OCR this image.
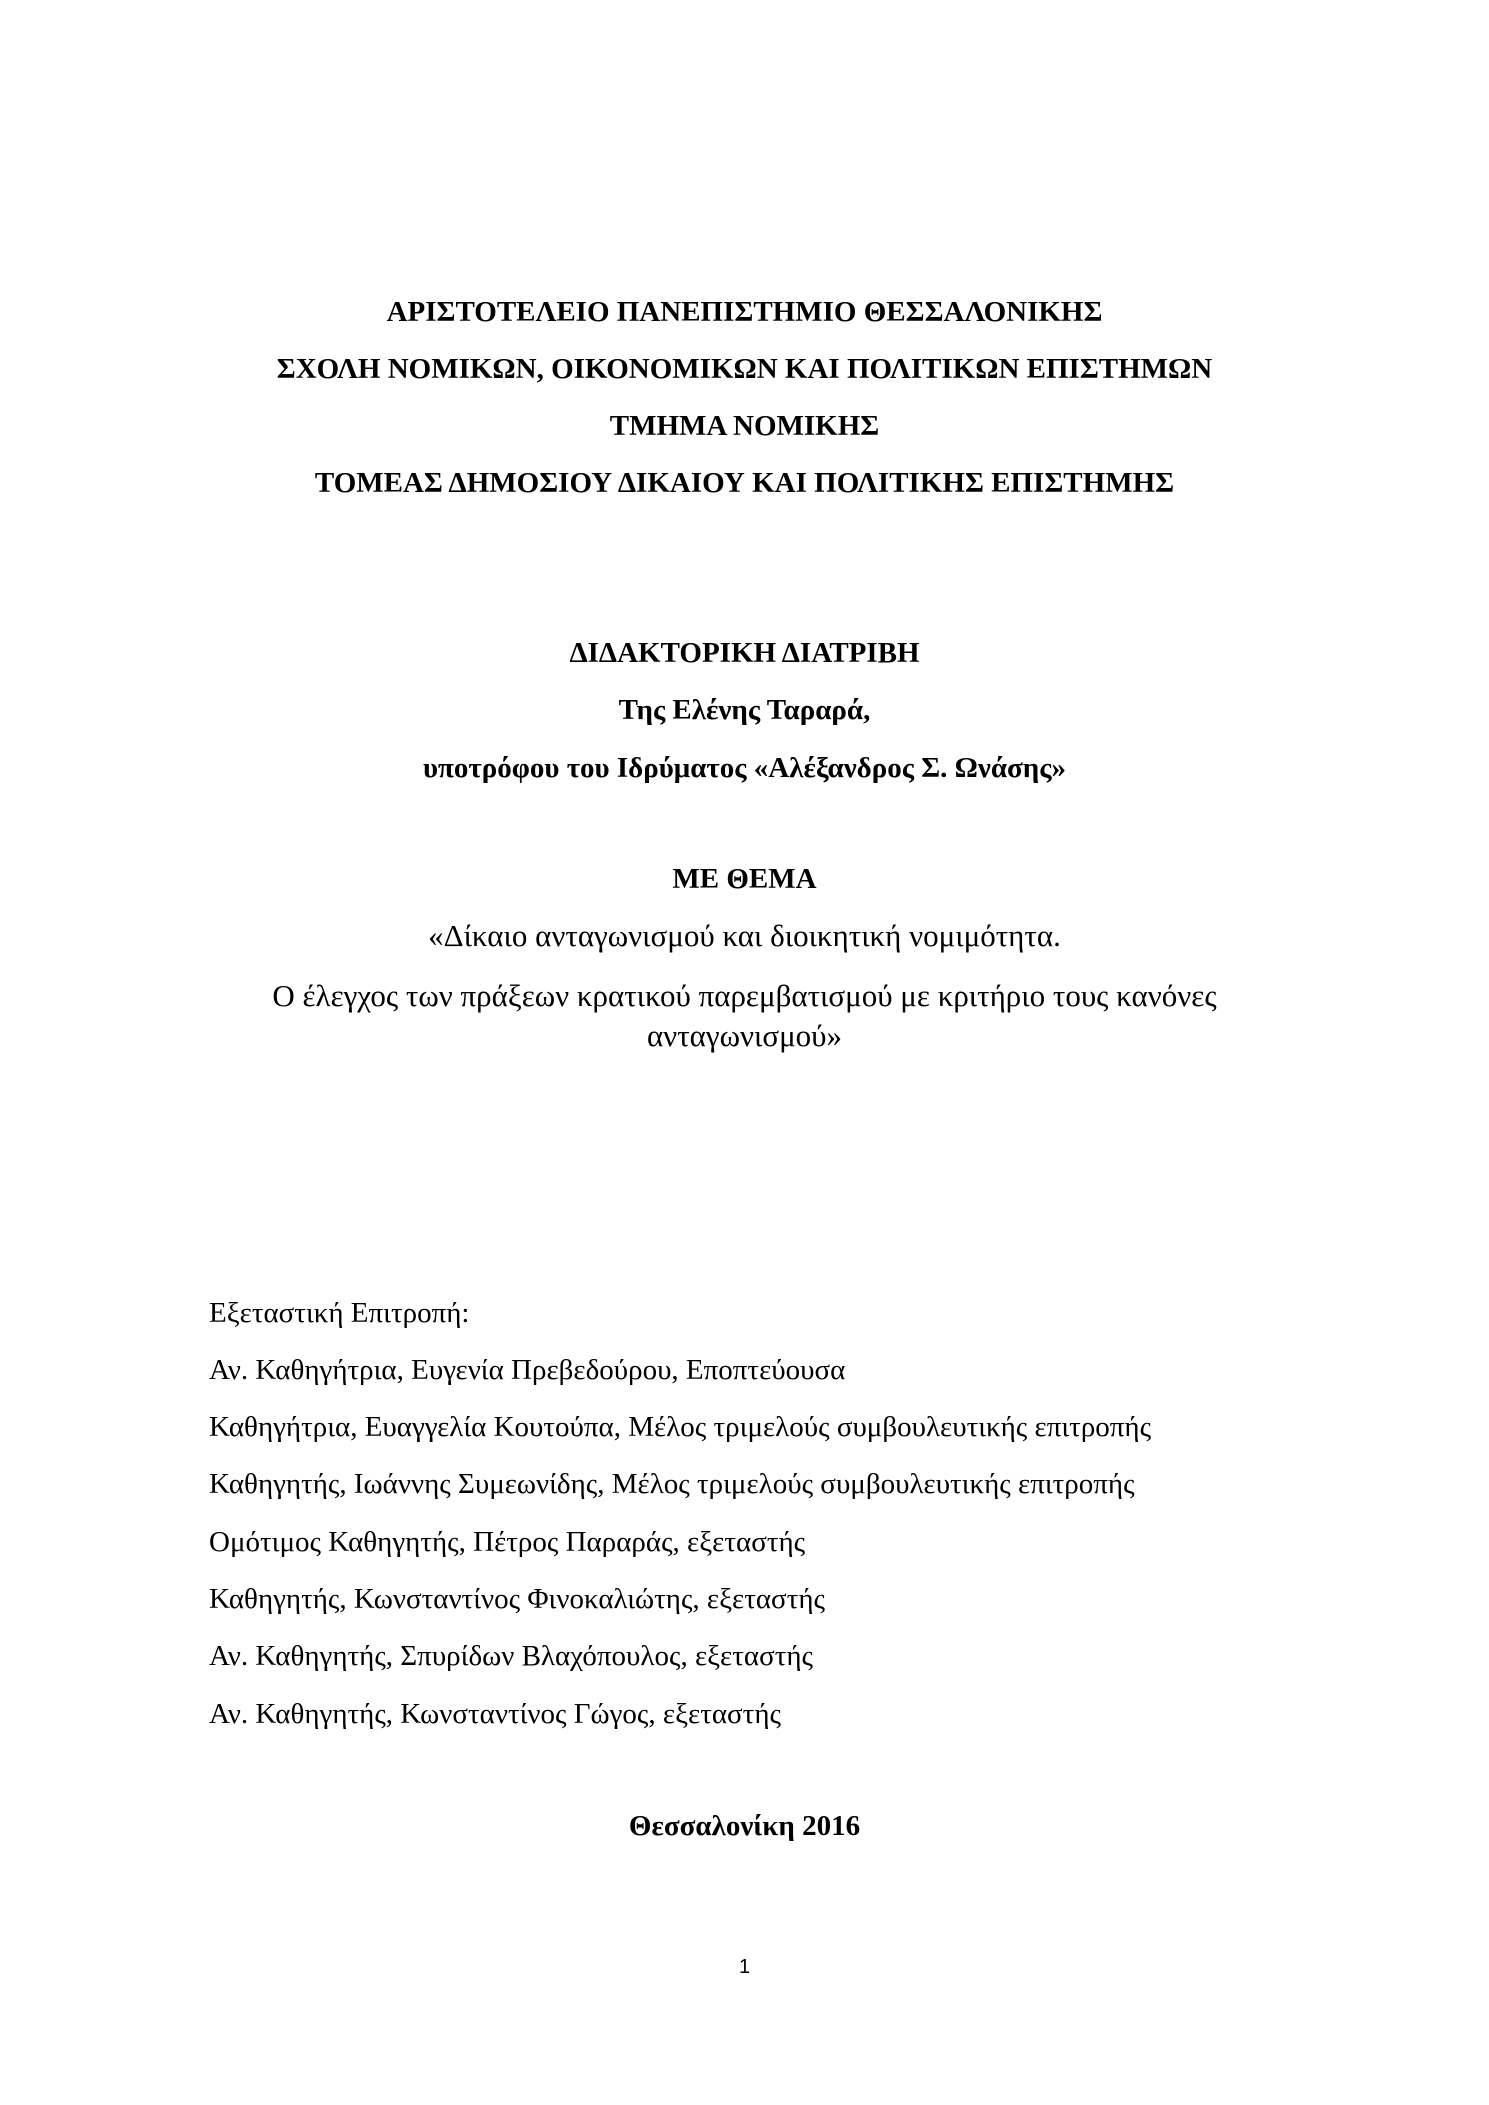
ΑΡΙΣΤΟΤΕΛΕΙΟ ΠΑΝΕΠΙΣΤΗΜΙΟ ΘΕΣΣΑΛΟΝΙΚΗΣ
ΣΧΟΛΗ ΝΟΜΙΚΩΝ, ΟΙΚΟΝΟΜΙΚΩΝ ΚΑΙ ΠΟΛΙΤΙΚΩΝ ΕΠΙΣΤΗΜΩΝ
ΤΜΗΜΑ ΝΟΜΙΚΗΣ
ΤΟΜΕΑΣ ΔΗΜΟΣΙΟΥ ΔΙΚΑΙΟΥ ΚΑΙ ΠΟΛΙΤΙΚΗΣ ΕΠΙΣΤΗΜΗΣ
ΔΙΔΑΚΤΟΡΙΚΗ ΔΙΑΤΡΙΒΗ
Της Ελένης Ταραρά,
υποτρόφου του Ιδρύματος «Αλέξανδρος Σ. Ωνάσης»
ΜΕ ΘΕΜΑ
«Δίκαιο ανταγωνισμού και διοικητική νομιμότητα.
Ο έλεγχος των πράξεων κρατικού παρεμβατισμού με κριτήριο τους κανόνες
ανταγωνισμού»
Εξεταστική Επιτροπή:
Αν. Καθηγήτρια, Ευγενία Πρεβεδούρου, Εποπτεύουσα
Καθηγήτρια, Ευαγγελία Κουτούπα, Μέλος τριμελούς συμβουλευτικής επιτροπής
Καθηγητής, Ιωάννης Συμεωνίδης, Μέλος τριμελούς συμβουλευτικής επιτροπής
Ομότιμος Καθηγητής, Πέτρος Παραράς, εξεταστής
Καθηγητής, Κωνσταντίνος Φινοκαλιώτης, εξεταστής
Αν. Καθηγητής, Σπυρίδων Βλαχόπουλος, εξεταστής
Αν. Καθηγητής, Κωνσταντίνος Γώγος, εξεταστής
Θεσσαλονίκη 2016
1
